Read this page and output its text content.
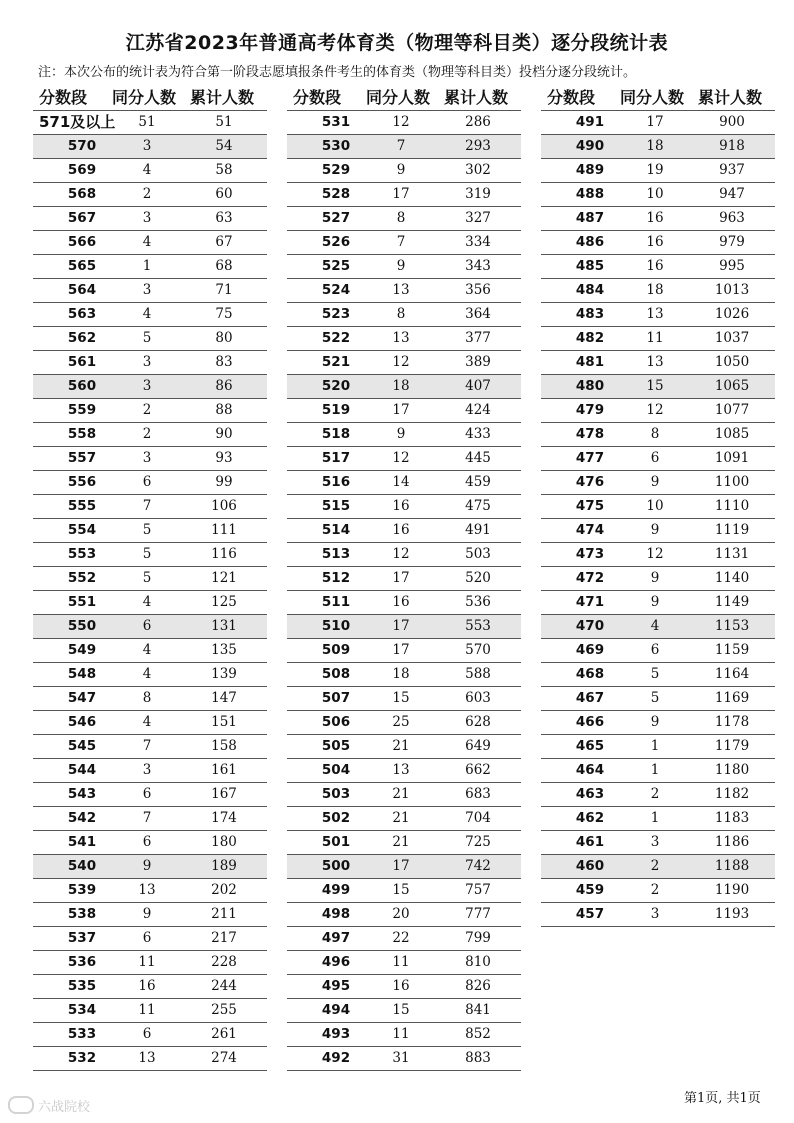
江苏省2023年普通高考体育类（物理等科目类）逐分段统计表
注：本次公布的统计表为符合第一阶段志愿填报条件考生的体育类（物理等科目类）投档分逐分段统计。
分数段 同分人数 累计人数
571及以上	51	51
570	3	54
569	4	58
568	2	60
567	3	63
566	4	67
565	1	68
564	3	71
563	4	75
562	5	80
561	3	83
560	3	86
559	2	88
558	2	90
557	3	93
556	6	99
555	7	106
554	5	111
553	5	116
552	5	121
551	4	125
550	6	131
549	4	135
548	4	139
547	8	147
546	4	151
545	7	158
544	3	161
543	6	167
542	7	174
541	6	180
540	9	189
539	13	202
538	9	211
537	6	217
536	11	228
535	16	244
534	11	255
533	6	261
532	13	274
分数段 同分人数 累计人数
531	12	286
530	7	293
529	9	302
528	17	319
527	8	327
526	7	334
525	9	343
524	13	356
523	8	364
522	13	377
521	12	389
520	18	407
519	17	424
518	9	433
517	12	445
516	14	459
515	16	475
514	16	491
513	12	503
512	17	520
511	16	536
510	17	553
509	17	570
508	18	588
507	15	603
506	25	628
505	21	649
504	13	662
503	21	683
502	21	704
501	21	725
500	17	742
499	15	757
498	20	777
497	22	799
496	11	810
495	16	826
494	15	841
493	11	852
492	31	883
分数段 同分人数 累计人数
491	17	900
490	18	918
489	19	937
488	10	947
487	16	963
486	16	979
485	16	995
484	18	1013
483	13	1026
482	11	1037
481	13	1050
480	15	1065
479	12	1077
478	8	1085
477	6	1091
476	9	1100
475	10	1110
474	9	1119
473	12	1131
472	9	1140
471	9	1149
470	4	1153
469	6	1159
468	5	1164
467	5	1169
466	9	1178
465	1	1179
464	1	1180
463	2	1182
462	1	1183
461	3	1186
460	2	1188
459	2	1190
457	3	1193
第1页, 共1页
六战院校
